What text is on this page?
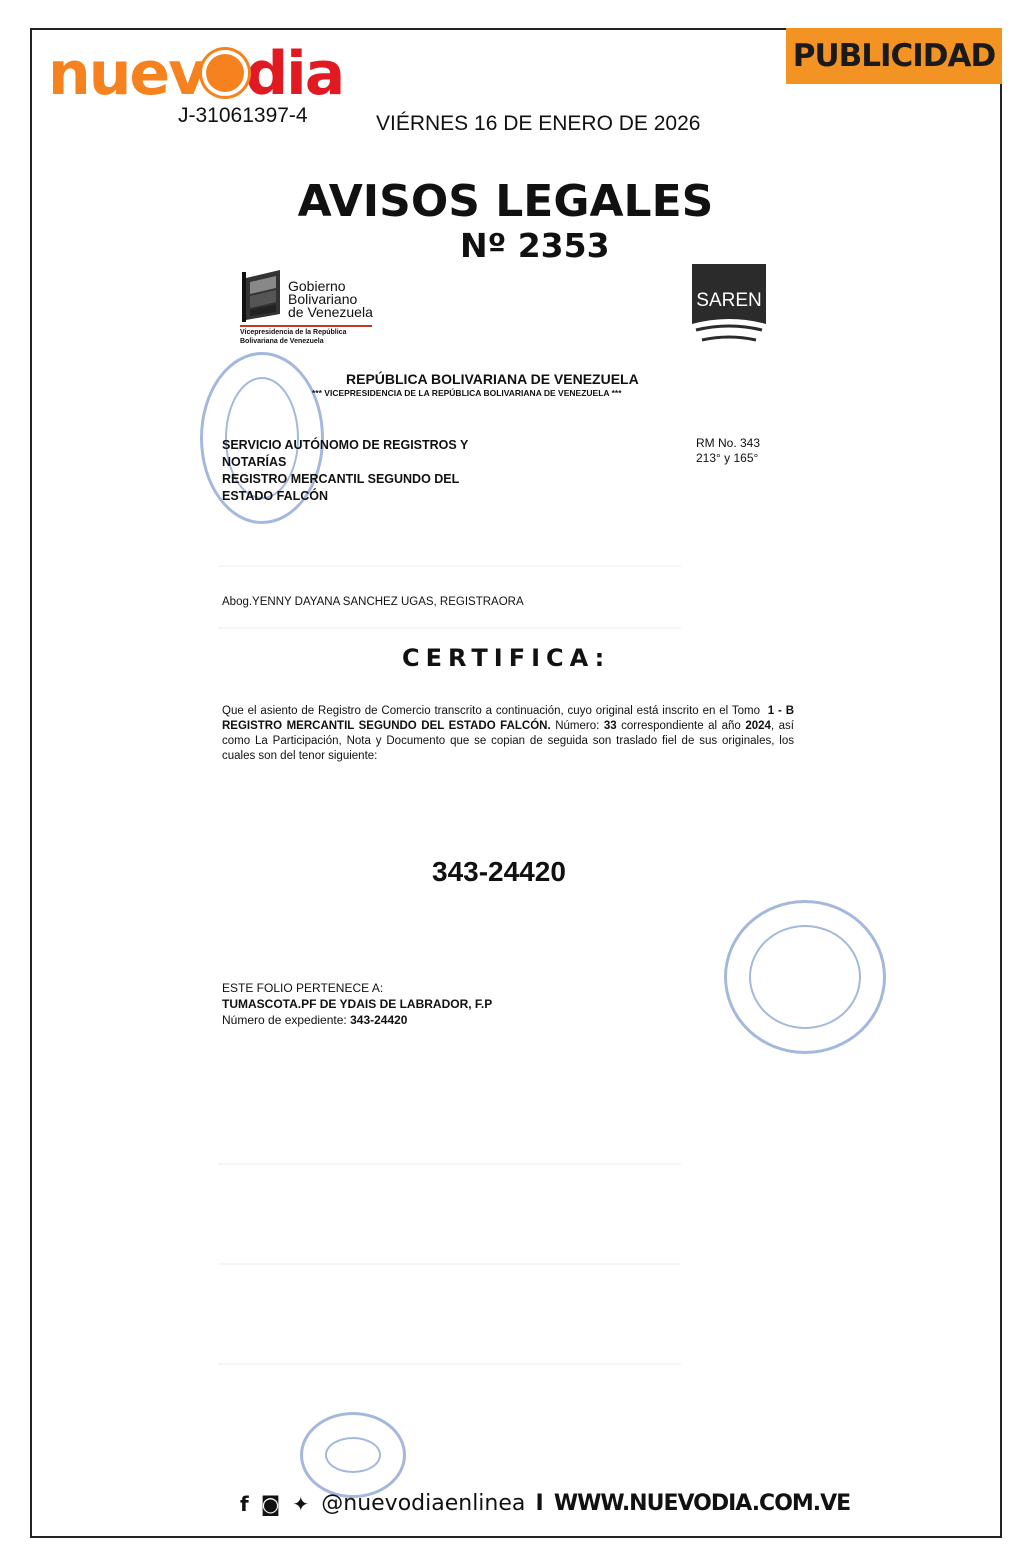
nuev dia
J-31061397-4	VIÉRNES 16 DE ENERO DE 2026
PUBLICIDAD
AVISOS LEGALES
Nº 2353
Gobierno
Bolivariano
de Venezuela
Vicepresidencia de la República
Bolivariana de Venezuela
SAREN
REPÚBLICA BOLIVARIANA DE VENEZUELA
*** VICEPRESIDENCIA DE LA REPÚBLICA BOLIVARIANA DE VENEZUELA ***
SERVICIO AUTÓNOMO DE REGISTROS Y
NOTARÍAS
REGISTRO MERCANTIL SEGUNDO DEL
ESTADO FALCÓN
RM No. 343
213° y 165°
Abog.YENNY DAYANA SANCHEZ UGAS, REGISTRAORA
CERTIFICA:
Que el asiento de Registro de Comercio transcrito a continuación, cuyo original está inscrito en el Tomo 1 - B REGISTRO MERCANTIL SEGUNDO DEL ESTADO FALCÓN. Número: 33 correspondiente al año 2024, así como La Participación, Nota y Documento que se copian de seguida son traslado fiel de sus originales, los cuales son del tenor siguiente:
________________________________________________________________
________________________________________________________________
________________________________________________________________
________________________________________________________________
________________________________________________________________
343-24420
ESTE FOLIO PERTENECE A:
TUMASCOTA.PF DE YDAIS DE LABRADOR, F.P
Número de expediente: 343-24420
f ◙ ✦ @nuevodiaenlinea I WWW.NUEVODIA.COM.VE
